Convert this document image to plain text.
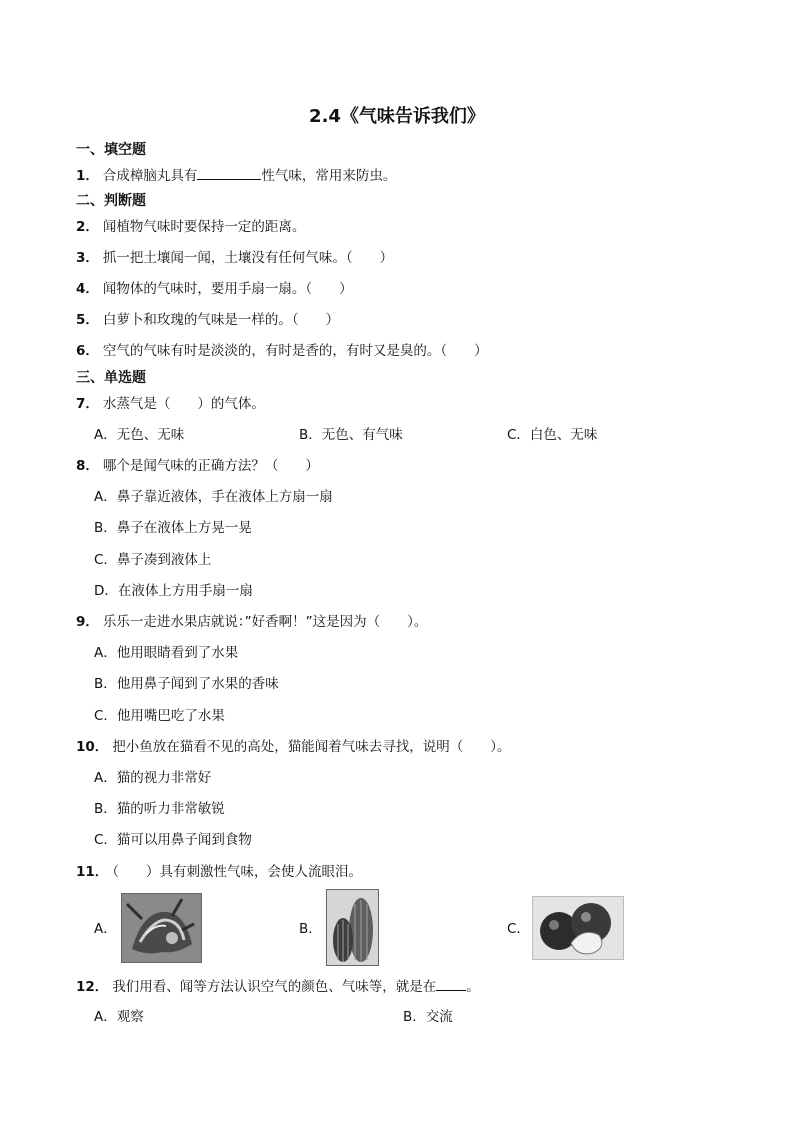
2.4《气味告诉我们》
一、填空题
1． 合成樟脑丸具有	性气味，常用来防虫。
二、判断题
2． 闻植物气味时要保持一定的距离。
3． 抓一把土壤闻一闻，土壤没有任何气味。（　　）
4． 闻物体的气味时，要用手扇一扇。（　　）
5． 白萝卜和玫瑰的气味是一样的。（　　）
6． 空气的气味有时是淡淡的，有时是香的，有时又是臭的。（　　）
三、单选题
7． 水蒸气是（　　）的气体。
A．无色、无味	B．无色、有气味	C．白色、无味
8． 哪个是闻气味的正确方法？（　　）
A．鼻子靠近液体，手在液体上方扇一扇
B．鼻子在液体上方晃一晃
C．鼻子凑到液体上
D．在液体上方用手扇一扇
9． 乐乐一走进水果店就说：”好香啊！”这是因为（　　）。
A．他用眼睛看到了水果
B．他用鼻子闻到了水果的香味
C．他用嘴巴吃了水果
10． 把小鱼放在猫看不见的高处，猫能闻着气味去寻找，说明（　　）。
A．猫的视力非常好
B．猫的听力非常敏锐
C．猫可以用鼻子闻到食物
11． （　　）具有刺激性气味，会使人流眼泪。
A．	B．	C．
12． 我们用看、闻等方法认识空气的颜色、气味等，就是在 。
A．观察	B．交流
